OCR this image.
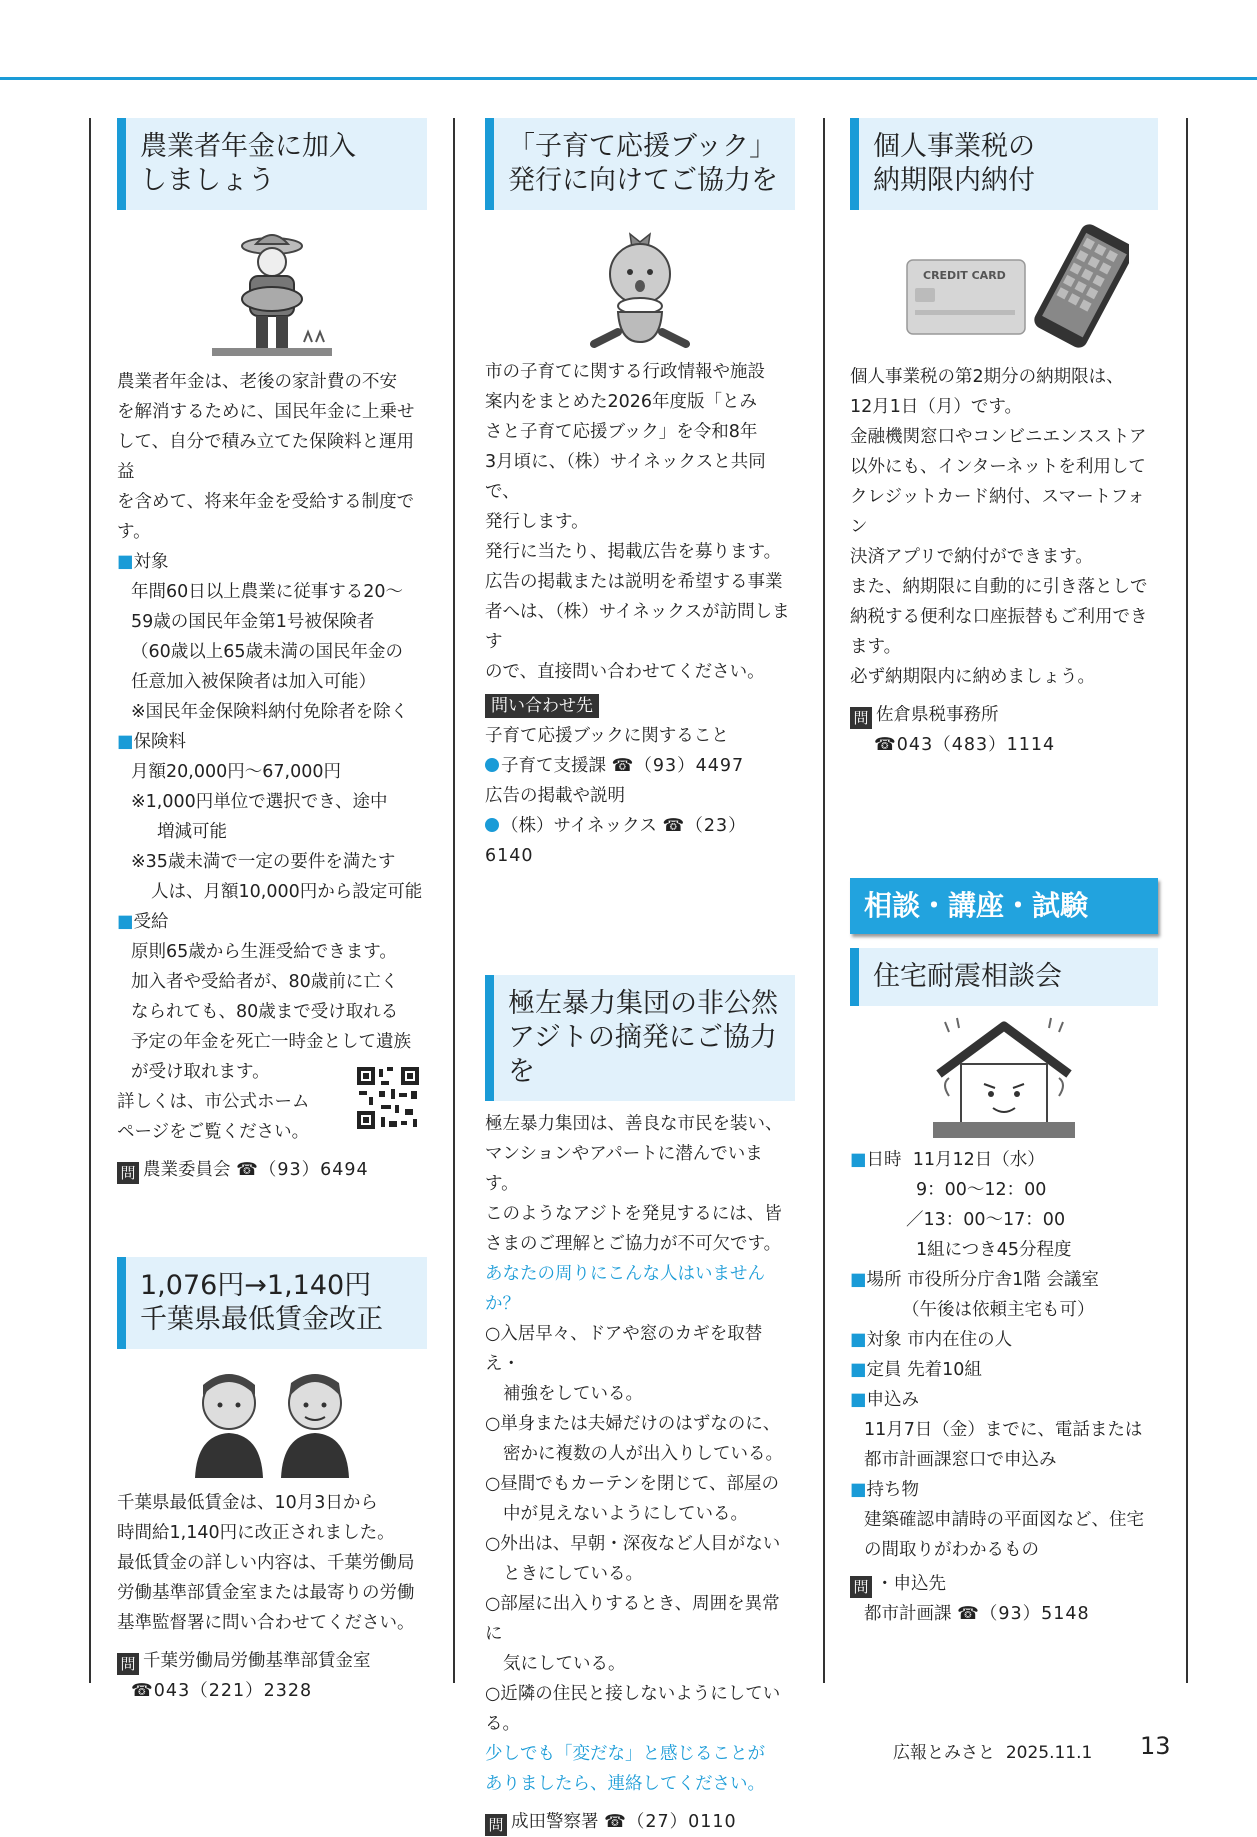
農業者年金に加入
しましょう

農業者年金は、老後の家計費の不安

を解消するために、国民年金に上乗せ

して、自分で積み立てた保険料と運用益

を含めて、将来年金を受給する制度です。

■対象

年間60日以上農業に従事する20～

59歳の国民年金第1号被保険者

（60歳以上65歳未満の国民年金の

任意加入被保険者は加入可能）

※国民年金保険料納付免除者を除く

■保険料

月額20,000円～67,000円

※1,000円単位で選択でき、途中

増減可能

※35歳未満で一定の要件を満たす

人は、月額10,000円から設定可能

■受給

原則65歳から生涯受給できます。

加入者や受給者が、80歳前に亡く

なられても、80歳まで受け取れる

予定の年金を死亡一時金として遺族

が受け取れます。

詳しくは、市公式ホーム

ページをご覧ください。

問 農業委員会 ☎（93）6494

1,076円→1,140円
千葉県最低賃金改正

千葉県最低賃金は、10月3日から

時間給1,140円に改正されました。

最低賃金の詳しい内容は、千葉労働局

労働基準部賃金室または最寄りの労働

基準監督署に問い合わせてください。

問 千葉労働局労働基準部賃金室

☎043（221）2328

「子育て応援ブック」
発行に向けてご協力を

市の子育てに関する行政情報や施設

案内をまとめた2026年度版「とみ

さと子育て応援ブック」を令和8年

3月頃に、（株）サイネックスと共同で、

発行します。

発行に当たり、掲載広告を募ります。

広告の掲載または説明を希望する事業

者へは、（株）サイネックスが訪問します

ので、直接問い合わせてください。

問い合わせ先

子育て応援ブックに関すること

子育て支援課 ☎（93）4497

広告の掲載や説明

（株）サイネックス ☎（23）6140

極左暴力集団の非公然
アジトの摘発にご協力を

極左暴力集団は、善良な市民を装い、

マンションやアパートに潜んでいます。

このようなアジトを発見するには、皆

さまのご理解とご協力が不可欠です。

あなたの周りにこんな人はいませんか？

○入居早々、ドアや窓のカギを取替え・

補強をしている。

○単身または夫婦だけのはずなのに、

密かに複数の人が出入りしている。

○昼間でもカーテンを閉じて、部屋の

中が見えないようにしている。

○外出は、早朝・深夜など人目がない

ときにしている。

○部屋に出入りするとき、周囲を異常に

気にしている。

○近隣の住民と接しないようにしている。

少しでも「変だな」と感じることが

ありましたら、連絡してください。

問 成田警察署 ☎（27）0110

個人事業税の
納期限内納付
CREDIT CARD

個人事業税の第2期分の納期限は、

12月1日（月）です。

金融機関窓口やコンビニエンスストア

以外にも、インターネットを利用して

クレジットカード納付、スマートフォン

決済アプリで納付ができます。

また、納期限に自動的に引き落としで

納税する便利な口座振替もご利用でき

ます。

必ず納期限内に納めましょう。

問 佐倉県税事務所

☎043（483）1114

相談・講座・試験
住宅耐震相談会

■日時 11月12日（水）

9：00～12：00

／13：00～17：00

1組につき45分程度

■場所 市役所分庁舎1階 会議室

（午後は依頼主宅も可）

■対象 市内在住の人

■定員 先着10組

■申込み

11月7日（金）までに、電話または

都市計画課窓口で申込み

■持ち物

建築確認申請時の平面図など、住宅

の間取りがわかるもの

問 ・申込先

都市計画課 ☎（93）5148

広報とみさと 2025.11.1 13
